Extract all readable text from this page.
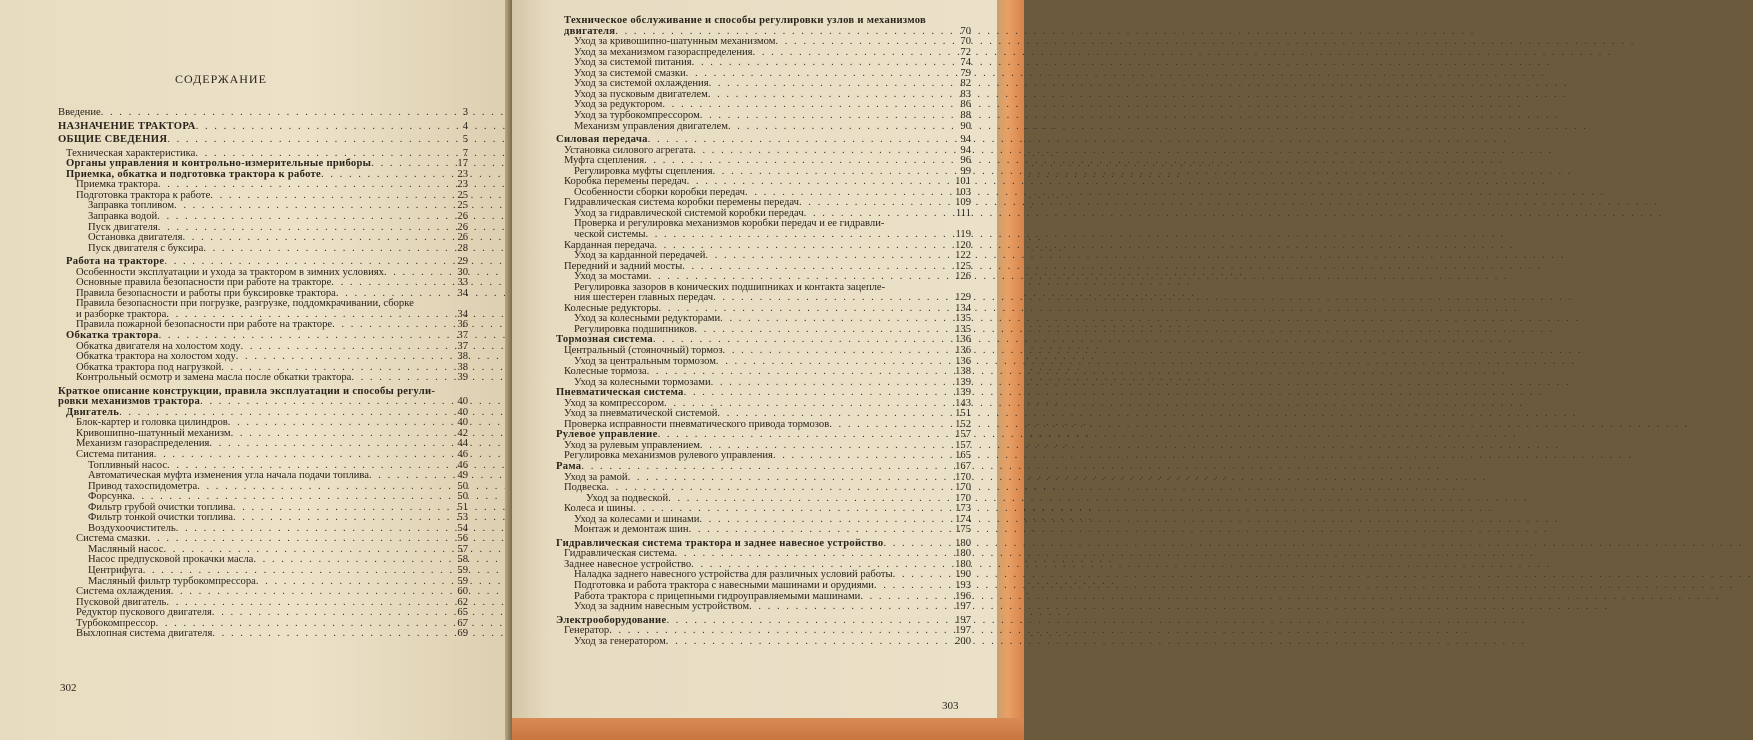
СОДЕРЖАНИЕ
Введение . . .	3
НАЗНАЧЕНИЕ ТРАКТОРА . . .	4
ОБЩИЕ СВЕДЕНИЯ . . .	5
Техническая характеристика . . .	7
Органы управления и контрольно-измерительные приборы . . .	17
Приемка, обкатка и подготовка трактора к работе . . .	23
Приемка трактора . . .	23
Подготовка трактора к работе . . .	25
Заправка топливом . . .	25
Заправка водой . . .	26
Пуск двигателя . . .	26
Остановка двигателя . . .	26
Пуск двигателя с буксира . . .	28
Работа на тракторе . . .	29
Особенности эксплуатации и ухода за трактором в зимних условиях . . .	30
Основные правила безопасности при работе на тракторе . . .	33
Правила безопасности и работы при буксировке трактора . . .	34
Правила безопасности при погрузке, разгрузке, поддомкрачивании, сборке
и разборке трактора . . .	34
Правила пожарной безопасности при работе на тракторе . . .	36
Обкатка трактора . . .	37
Обкатка двигателя на холостом ходу . . .	37
Обкатка трактора на холостом ходу . . .	38
Обкатка трактора под нагрузкой . . .	38
Контрольный осмотр и замена масла после обкатки трактора . . .	39
Краткое описание конструкции, правила эксплуатации и способы регули-
ровки механизмов трактора . . .	40
Двигатель . . .	40
Блок-картер и головка цилиндров . . .	40
Кривошипно-шатунный механизм . . .	42
Механизм газораспределения . . .	44
Система питания . . .	46
Топливный насос . . .	46
Автоматическая муфта изменения угла начала подачи топлива . . .	49
Привод тахоспидометра . . .	50
Форсунка . . .	50
Фильтр грубой очистки топлива . . .	51
Фильтр тонкой очистки топлива . . .	53
Воздухоочиститель . . .	54
Система смазки . . .	56
Масляный насос . . .	57
Насос предпусковой прокачки масла . . .	58
Центрифуга . . .	59
Масляный фильтр турбокомпрессора . . .	59
Система охлаждения . . .	60
Пусковой двигатель . . .	62
Редуктор пускового двигателя . . .	65
Турбокомпрессор . . .	67
Выхлопная система двигателя . . .	69
302
Техническое обслуживание и способы регулировки узлов и механизмов
двигателя . . .	70
Уход за кривошипно-шатунным механизмом . . .	70
Уход за механизмом газораспределения . . .	72
Уход за системой питания . . .	74
Уход за системой смазки . . .	79
Уход за системой охлаждения . . .	82
Уход за пусковым двигателем . . .	83
Уход за редуктором . . .	86
Уход за турбокомпрессором . . .	88
Механизм управления двигателем . . .	90
Силовая передача . . .	94
Установка силового агрегата . . .	94
Муфта сцепления . . .	96
Регулировка муфты сцепления . . .	99
Коробка перемены передач . . .	101
Особенности сборки коробки передач . . .	103
Гидравлическая система коробки перемены передач . . .	109
Уход за гидравлической системой коробки передач . . .	111
Проверка и регулировка механизмов коробки передач и ее гидравли-
ческой системы . . .	119
Карданная передача . . .	120
Уход за карданной передачей . . .	122
Передний и задний мосты . . .	125
Уход за мостами . . .	126
Регулировка зазоров в конических подшипниках и контакта зацепле-
ния шестерен главных передач . . .	129
Колесные редукторы . . .	134
Уход за колесными редукторами . . .	135
Регулировка подшипников . . .	135
Тормозная система . . .	136
Центральный (стояночный) тормоз . . .	136
Уход за центральным тормозом . . .	136
Колесные тормоза . . .	138
Уход за колесными тормозами . . .	139
Пневматическая система . . .	139
Уход за компрессором . . .	143
Уход за пневматической системой . . .	151
Проверка исправности пневматического привода тормозов . . .	152
Рулевое управление . . .	157
Уход за рулевым управлением . . .	157
Регулировка механизмов рулевого управления . . .	165
Рама . . .	167
Уход за рамой . . .	170
Подвеска . . .	170
Уход за подвеской . . .	170
Колеса и шины . . .	173
Уход за колесами и шинами . . .	174
Монтаж и демонтаж шин . . .	175
Гидравлическая система трактора и заднее навесное устройство . . .	180
Гидравлическая система . . .	180
Заднее навесное устройство . . .	180
Наладка заднего навесного устройства для различных условий работы . . .	190
Подготовка и работа трактора с навесными машинами и орудиями . . .	193
Работа трактора с прицепными гидроуправляемыми машинами . . .	196
Уход за задним навесным устройством . . .	197
Электрооборудование . . .	197
Генератор . . .	197
Уход за генератором . . .	200
303
